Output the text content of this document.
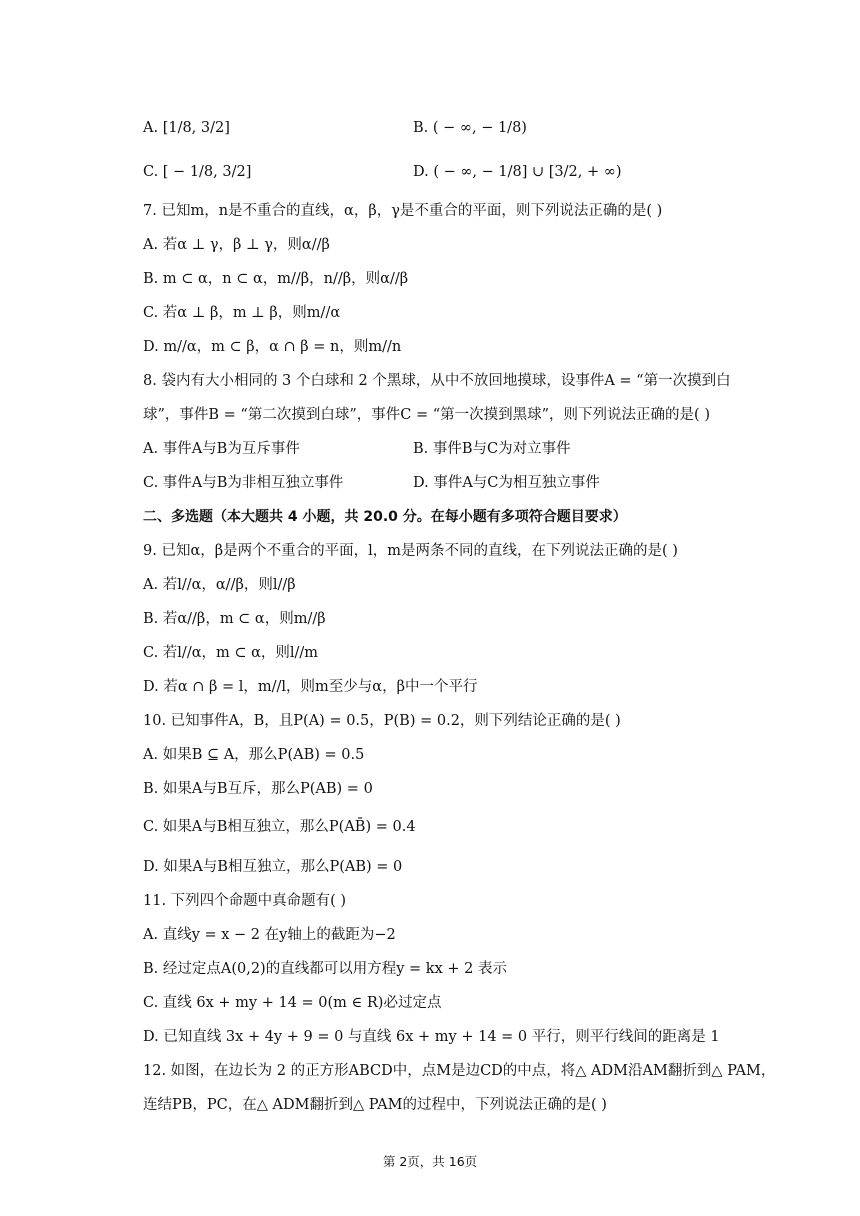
A. [1/8, 3/2]	B. ( − ∞, − 1/8)
C. [ − 1/8, 3/2]	D. ( − ∞, − 1/8] ∪ [3/2, + ∞)
7. 已知m，n是不重合的直线，α，β，γ是不重合的平面，则下列说法正确的是( )
A. 若α ⊥ γ，β ⊥ γ，则α//β
B. m ⊂ α，n ⊂ α，m//β，n//β，则α//β
C. 若α ⊥ β，m ⊥ β，则m//α
D. m//α，m ⊂ β，α ∩ β = n，则m//n
8. 袋内有大小相同的 3 个白球和 2 个黑球，从中不放回地摸球，设事件A = “第一次摸到白
球”，事件B = “第二次摸到白球”，事件C = “第一次摸到黑球”，则下列说法正确的是( )
A. 事件A与B为互斥事件	B. 事件B与C为对立事件
C. 事件A与B为非相互独立事件	D. 事件A与C为相互独立事件
二、多选题（本大题共 4 小题，共 20.0 分。在每小题有多项符合题目要求）
9. 已知α，β是两个不重合的平面，l，m是两条不同的直线，在下列说法正确的是( )
A. 若l//α，α//β，则l//β
B. 若α//β，m ⊂ α，则m//β
C. 若l//α，m ⊂ α，则l//m
D. 若α ∩ β = l，m//l，则m至少与α，β中一个平行
10. 已知事件A，B，且P(A) = 0.5，P(B) = 0.2，则下列结论正确的是( )
A. 如果B ⊆ A，那么P(AB) = 0.5
B. 如果A与B互斥，那么P(AB) = 0
C. 如果A与B相互独立，那么P(AB̄) = 0.4
D. 如果A与B相互独立，那么P(AB) = 0
11. 下列四个命题中真命题有( )
A. 直线y = x − 2 在y轴上的截距为−2
B. 经过定点A(0,2)的直线都可以用方程y = kx + 2 表示
C. 直线 6x + my + 14 = 0(m ∈ R)必过定点
D. 已知直线 3x + 4y + 9 = 0 与直线 6x + my + 14 = 0 平行，则平行线间的距离是 1
12. 如图，在边长为 2 的正方形ABCD中，点M是边CD的中点，将△ ADM沿AM翻折到△ PAM，
连结PB，PC，在△ ADM翻折到△ PAM的过程中，下列说法正确的是( )
第 2页，共 16页
